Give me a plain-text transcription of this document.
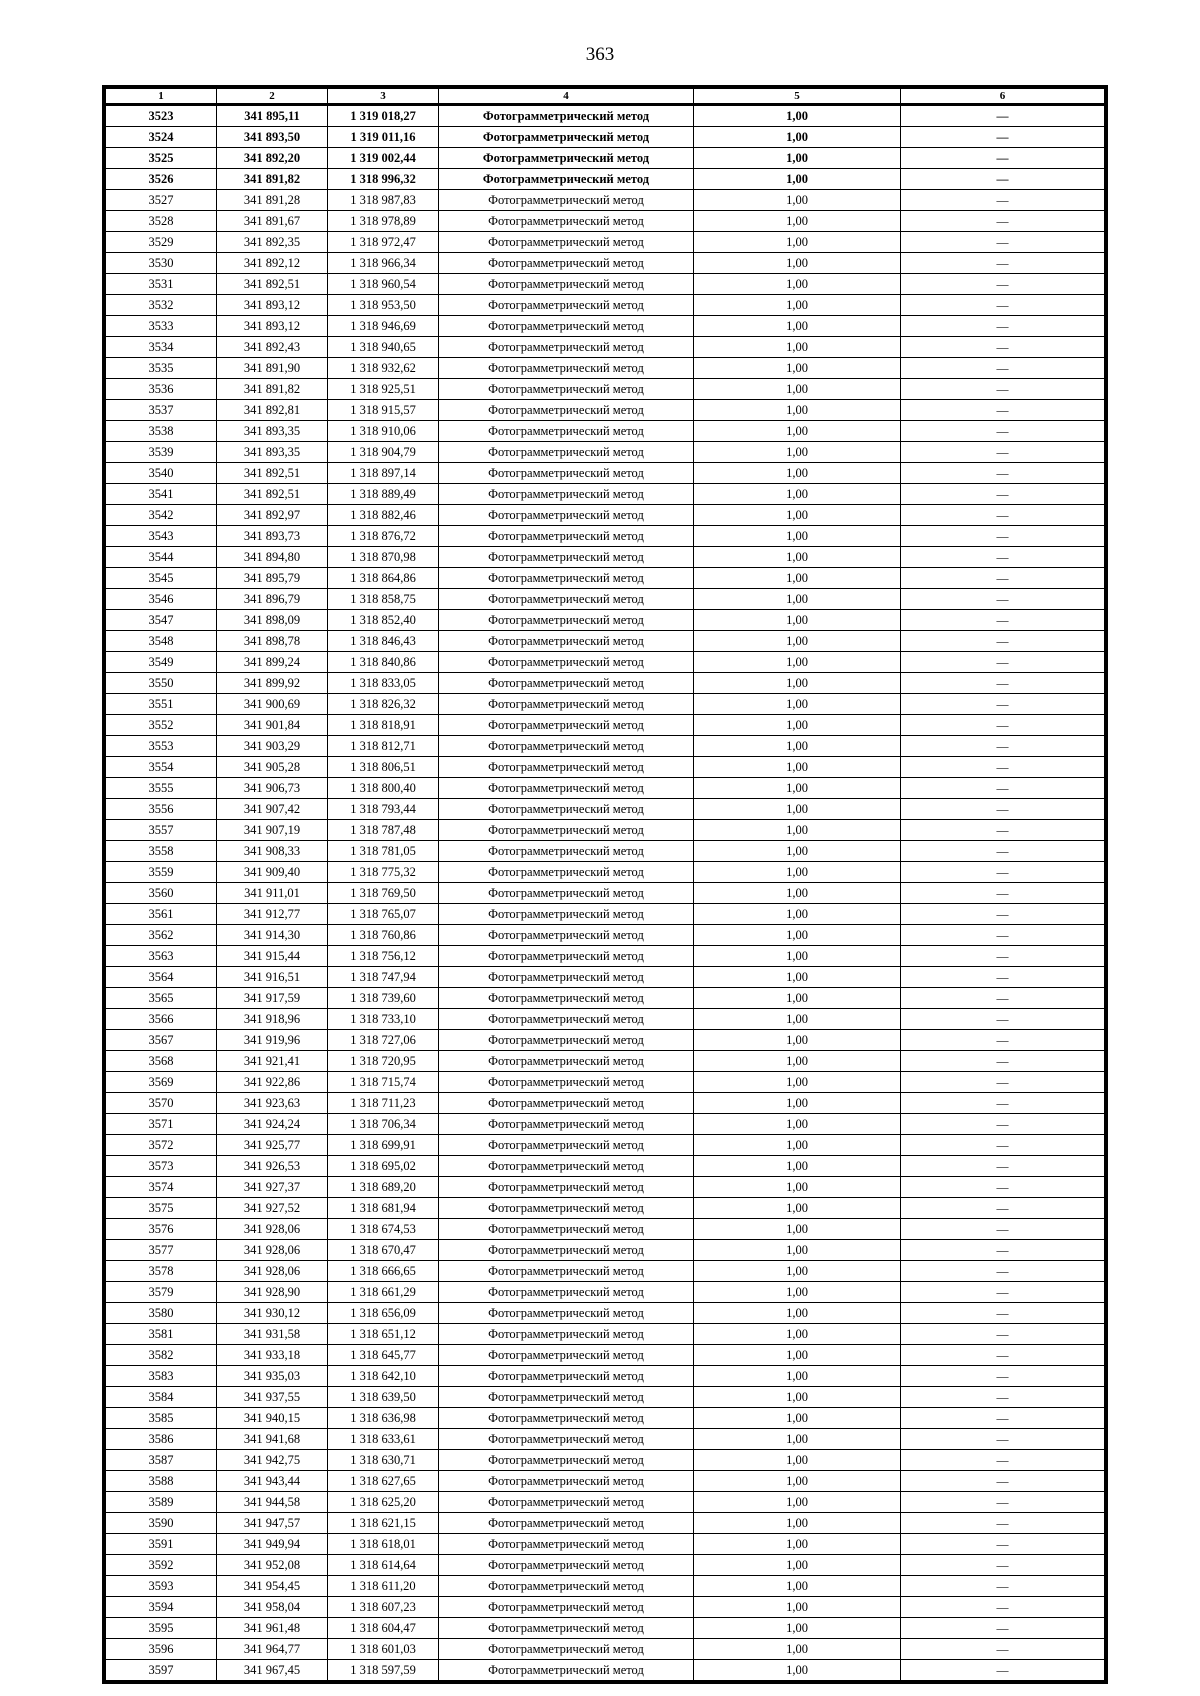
363
1	2	3	4	5	6
3523	341 895,11	1 319 018,27	Фотограмметрический метод	1,00	—
3524	341 893,50	1 319 011,16	Фотограмметрический метод	1,00	—
3525	341 892,20	1 319 002,44	Фотограмметрический метод	1,00	—
3526	341 891,82	1 318 996,32	Фотограмметрический метод	1,00	—
3527	341 891,28	1 318 987,83	Фотограмметрический метод	1,00	—
3528	341 891,67	1 318 978,89	Фотограмметрический метод	1,00	—
3529	341 892,35	1 318 972,47	Фотограмметрический метод	1,00	—
3530	341 892,12	1 318 966,34	Фотограмметрический метод	1,00	—
3531	341 892,51	1 318 960,54	Фотограмметрический метод	1,00	—
3532	341 893,12	1 318 953,50	Фотограмметрический метод	1,00	—
3533	341 893,12	1 318 946,69	Фотограмметрический метод	1,00	—
3534	341 892,43	1 318 940,65	Фотограмметрический метод	1,00	—
3535	341 891,90	1 318 932,62	Фотограмметрический метод	1,00	—
3536	341 891,82	1 318 925,51	Фотограмметрический метод	1,00	—
3537	341 892,81	1 318 915,57	Фотограмметрический метод	1,00	—
3538	341 893,35	1 318 910,06	Фотограмметрический метод	1,00	—
3539	341 893,35	1 318 904,79	Фотограмметрический метод	1,00	—
3540	341 892,51	1 318 897,14	Фотограмметрический метод	1,00	—
3541	341 892,51	1 318 889,49	Фотограмметрический метод	1,00	—
3542	341 892,97	1 318 882,46	Фотограмметрический метод	1,00	—
3543	341 893,73	1 318 876,72	Фотограмметрический метод	1,00	—
3544	341 894,80	1 318 870,98	Фотограмметрический метод	1,00	—
3545	341 895,79	1 318 864,86	Фотограмметрический метод	1,00	—
3546	341 896,79	1 318 858,75	Фотограмметрический метод	1,00	—
3547	341 898,09	1 318 852,40	Фотограмметрический метод	1,00	—
3548	341 898,78	1 318 846,43	Фотограмметрический метод	1,00	—
3549	341 899,24	1 318 840,86	Фотограмметрический метод	1,00	—
3550	341 899,92	1 318 833,05	Фотограмметрический метод	1,00	—
3551	341 900,69	1 318 826,32	Фотограмметрический метод	1,00	—
3552	341 901,84	1 318 818,91	Фотограмметрический метод	1,00	—
3553	341 903,29	1 318 812,71	Фотограмметрический метод	1,00	—
3554	341 905,28	1 318 806,51	Фотограмметрический метод	1,00	—
3555	341 906,73	1 318 800,40	Фотограмметрический метод	1,00	—
3556	341 907,42	1 318 793,44	Фотограмметрический метод	1,00	—
3557	341 907,19	1 318 787,48	Фотограмметрический метод	1,00	—
3558	341 908,33	1 318 781,05	Фотограмметрический метод	1,00	—
3559	341 909,40	1 318 775,32	Фотограмметрический метод	1,00	—
3560	341 911,01	1 318 769,50	Фотограмметрический метод	1,00	—
3561	341 912,77	1 318 765,07	Фотограмметрический метод	1,00	—
3562	341 914,30	1 318 760,86	Фотограмметрический метод	1,00	—
3563	341 915,44	1 318 756,12	Фотограмметрический метод	1,00	—
3564	341 916,51	1 318 747,94	Фотограмметрический метод	1,00	—
3565	341 917,59	1 318 739,60	Фотограмметрический метод	1,00	—
3566	341 918,96	1 318 733,10	Фотограмметрический метод	1,00	—
3567	341 919,96	1 318 727,06	Фотограмметрический метод	1,00	—
3568	341 921,41	1 318 720,95	Фотограмметрический метод	1,00	—
3569	341 922,86	1 318 715,74	Фотограмметрический метод	1,00	—
3570	341 923,63	1 318 711,23	Фотограмметрический метод	1,00	—
3571	341 924,24	1 318 706,34	Фотограмметрический метод	1,00	—
3572	341 925,77	1 318 699,91	Фотограмметрический метод	1,00	—
3573	341 926,53	1 318 695,02	Фотограмметрический метод	1,00	—
3574	341 927,37	1 318 689,20	Фотограмметрический метод	1,00	—
3575	341 927,52	1 318 681,94	Фотограмметрический метод	1,00	—
3576	341 928,06	1 318 674,53	Фотограмметрический метод	1,00	—
3577	341 928,06	1 318 670,47	Фотограмметрический метод	1,00	—
3578	341 928,06	1 318 666,65	Фотограмметрический метод	1,00	—
3579	341 928,90	1 318 661,29	Фотограмметрический метод	1,00	—
3580	341 930,12	1 318 656,09	Фотограмметрический метод	1,00	—
3581	341 931,58	1 318 651,12	Фотограмметрический метод	1,00	—
3582	341 933,18	1 318 645,77	Фотограмметрический метод	1,00	—
3583	341 935,03	1 318 642,10	Фотограмметрический метод	1,00	—
3584	341 937,55	1 318 639,50	Фотограмметрический метод	1,00	—
3585	341 940,15	1 318 636,98	Фотограмметрический метод	1,00	—
3586	341 941,68	1 318 633,61	Фотограмметрический метод	1,00	—
3587	341 942,75	1 318 630,71	Фотограмметрический метод	1,00	—
3588	341 943,44	1 318 627,65	Фотограмметрический метод	1,00	—
3589	341 944,58	1 318 625,20	Фотограмметрический метод	1,00	—
3590	341 947,57	1 318 621,15	Фотограмметрический метод	1,00	—
3591	341 949,94	1 318 618,01	Фотограмметрический метод	1,00	—
3592	341 952,08	1 318 614,64	Фотограмметрический метод	1,00	—
3593	341 954,45	1 318 611,20	Фотограмметрический метод	1,00	—
3594	341 958,04	1 318 607,23	Фотограмметрический метод	1,00	—
3595	341 961,48	1 318 604,47	Фотограмметрический метод	1,00	—
3596	341 964,77	1 318 601,03	Фотограмметрический метод	1,00	—
3597	341 967,45	1 318 597,59	Фотограмметрический метод	1,00	—
